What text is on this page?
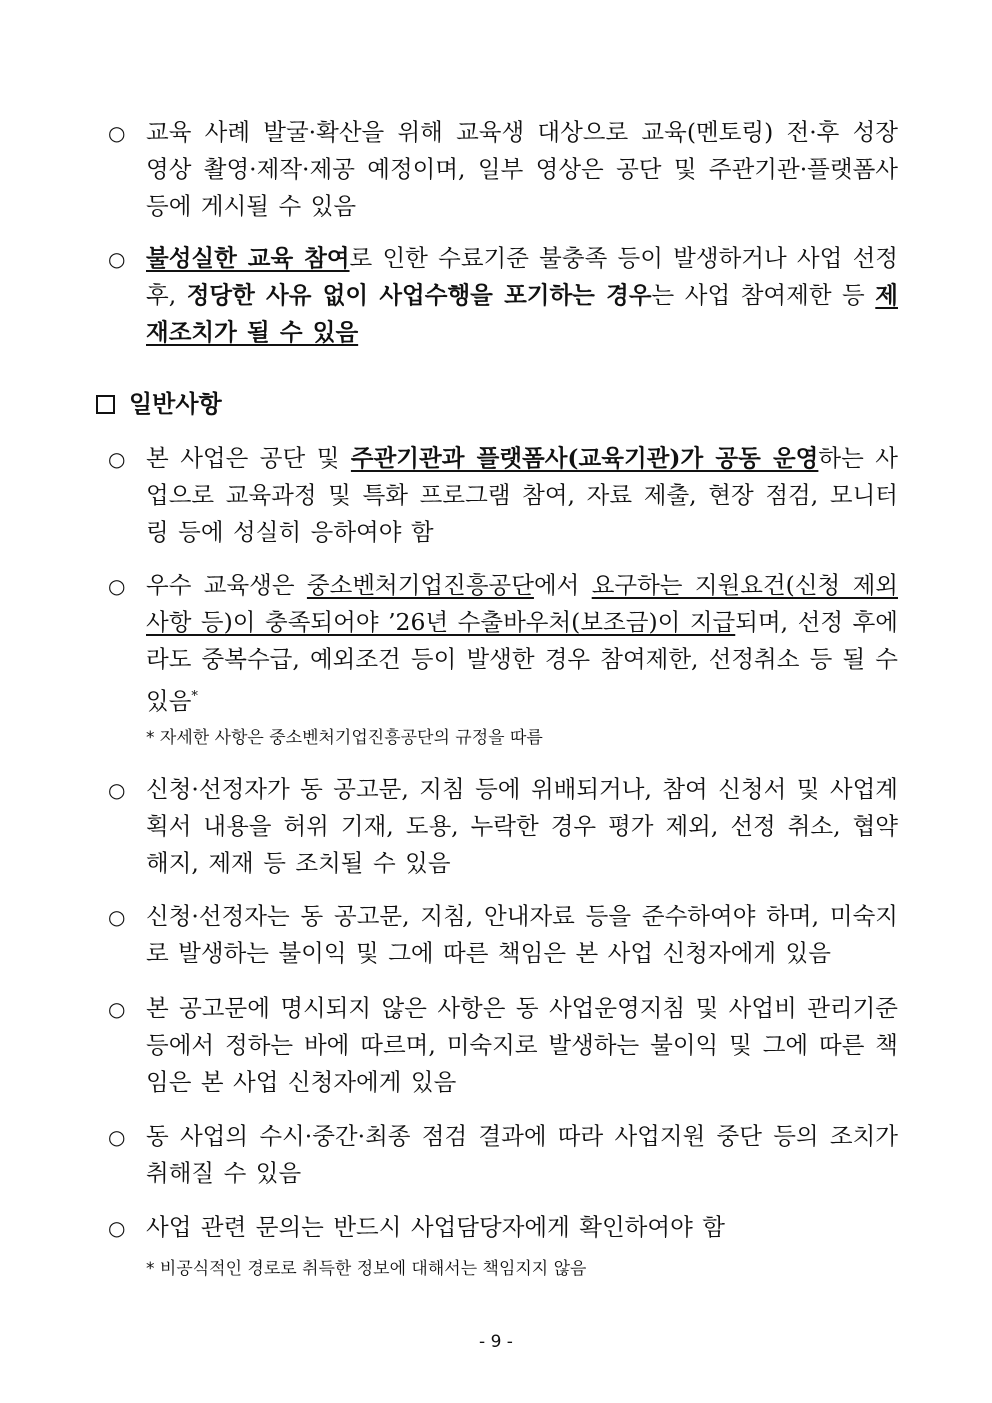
○ 교육 사례 발굴·확산을 위해 교육생 대상으로 교육(멘토링) 전·후 성장 영상 촬영·제작·제공 예정이며, 일부 영상은 공단 및 주관기관·플랫폼사 등에 게시될 수 있음
○ 불성실한 교육 참여로 인한 수료기준 불충족 등이 발생하거나 사업 선정 후, 정당한 사유 없이 사업수행을 포기하는 경우는 사업 참여제한 등 제재조치가 될 수 있음
일반사항
○ 본 사업은 공단 및 주관기관과 플랫폼사(교육기관)가 공동 운영하는 사업으로 교육과정 및 특화 프로그램 참여, 자료 제출, 현장 점검, 모니터링 등에 성실히 응하여야 함
○ 우수 교육생은 중소벤처기업진흥공단에서 요구하는 지원요건(신청 제외사항 등)이 충족되어야 ’26년 수출바우처(보조금)이 지급되며, 선정 후에라도 중복수급, 예외조건 등이 발생한 경우 참여제한, 선정취소 등 될 수 있음*
* 자세한 사항은 중소벤처기업진흥공단의 규정을 따름
○ 신청·선정자가 동 공고문, 지침 등에 위배되거나, 참여 신청서 및 사업계획서 내용을 허위 기재, 도용, 누락한 경우 평가 제외, 선정 취소, 협약 해지, 제재 등 조치될 수 있음
○ 신청·선정자는 동 공고문, 지침, 안내자료 등을 준수하여야 하며, 미숙지로 발생하는 불이익 및 그에 따른 책임은 본 사업 신청자에게 있음
○ 본 공고문에 명시되지 않은 사항은 동 사업운영지침 및 사업비 관리기준 등에서 정하는 바에 따르며, 미숙지로 발생하는 불이익 및 그에 따른 책임은 본 사업 신청자에게 있음
○ 동 사업의 수시·중간·최종 점검 결과에 따라 사업지원 중단 등의 조치가 취해질 수 있음
○ 사업 관련 문의는 반드시 사업담당자에게 확인하여야 함
* 비공식적인 경로로 취득한 정보에 대해서는 책임지지 않음
- 9 -
